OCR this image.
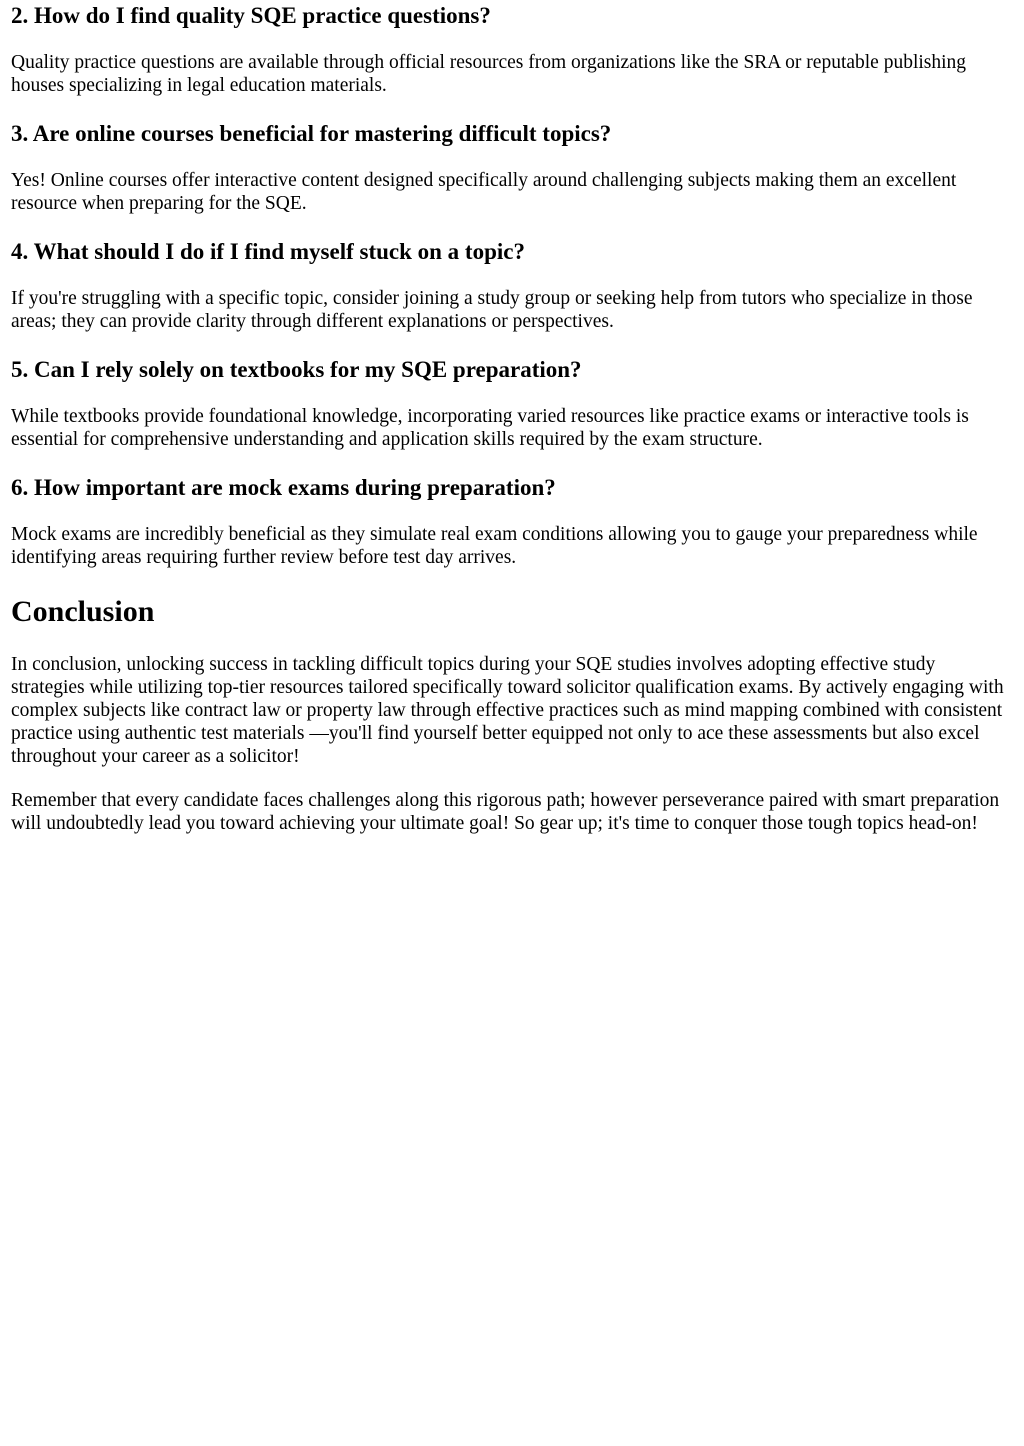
2. How do I find quality SQE practice questions?

Quality practice questions are available through official resources from organizations like the SRA or reputable publishing houses specializing in legal education materials.

3. Are online courses beneficial for mastering difficult topics?

Yes! Online courses offer interactive content designed specifically around challenging subjects making them an excellent resource when preparing for the SQE.

4. What should I do if I find myself stuck on a topic?

If you're struggling with a specific topic, consider joining a study group or seeking help from tutors who specialize in those areas; they can provide clarity through different explanations or perspectives.

5. Can I rely solely on textbooks for my SQE preparation?

While textbooks provide foundational knowledge, incorporating varied resources like practice exams or interactive tools is essential for comprehensive understanding and application skills required by the exam structure.

6. How important are mock exams during preparation?

Mock exams are incredibly beneficial as they simulate real exam conditions allowing you to gauge your preparedness while identifying areas requiring further review before test day arrives.

Conclusion

In conclusion, unlocking success in tackling difficult topics during your SQE studies involves adopting effective study strategies while utilizing top-tier resources tailored specifically toward solicitor qualification exams. By actively engaging with complex subjects like contract law or property law through effective practices such as mind mapping combined with consistent practice using authentic test materials —you'll find yourself better equipped not only to ace these assessments but also excel throughout your career as a solicitor!

Remember that every candidate faces challenges along this rigorous path; however perseverance paired with smart preparation will undoubtedly lead you toward achieving your ultimate goal! So gear up; it's time to conquer those tough topics head-on!
